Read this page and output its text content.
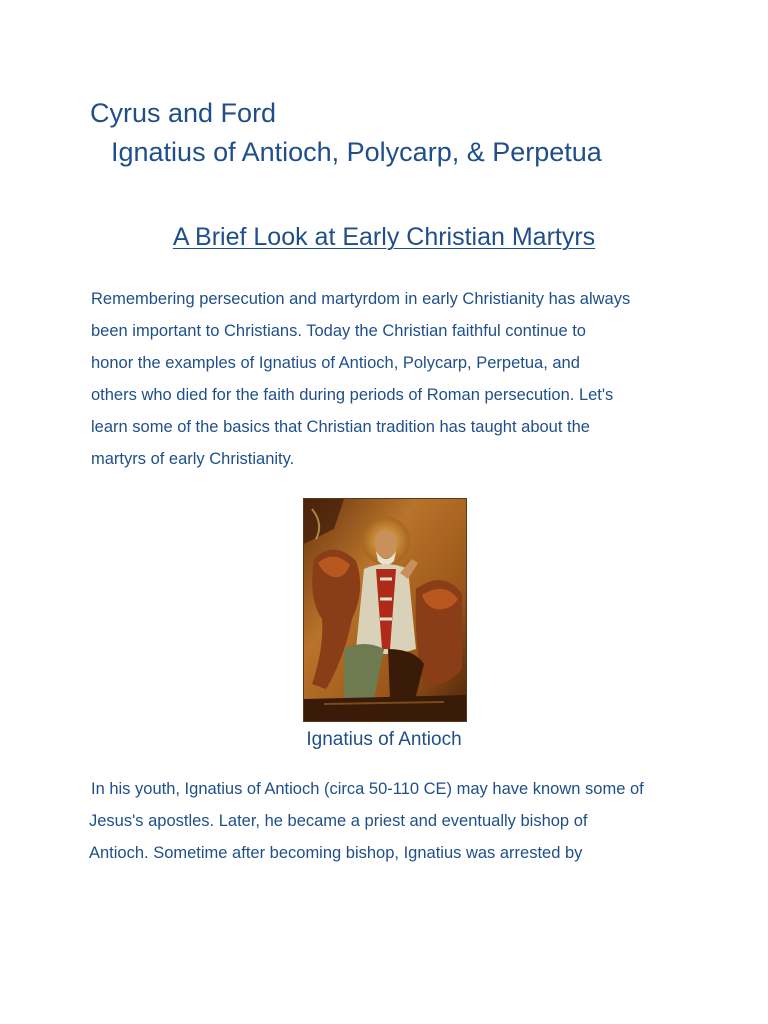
Cyrus and Ford
Ignatius of Antioch, Polycarp, & Perpetua
A Brief Look at Early Christian Martyrs

Remembering persecution and martyrdom in early Christianity has always
been important to Christians. Today the Christian faithful continue to
honor the examples of Ignatius of Antioch, Polycarp, Perpetua, and
others who died for the faith during periods of Roman persecution. Let's
learn some of the basics that Christian tradition has taught about the
martyrs of early Christianity.

Ignatius of Antioch

In his youth, Ignatius of Antioch (circa 50-110 CE) may have known some of
Jesus's apostles. Later, he became a priest and eventually bishop of
Antioch. Sometime after becoming bishop, Ignatius was arrested by
